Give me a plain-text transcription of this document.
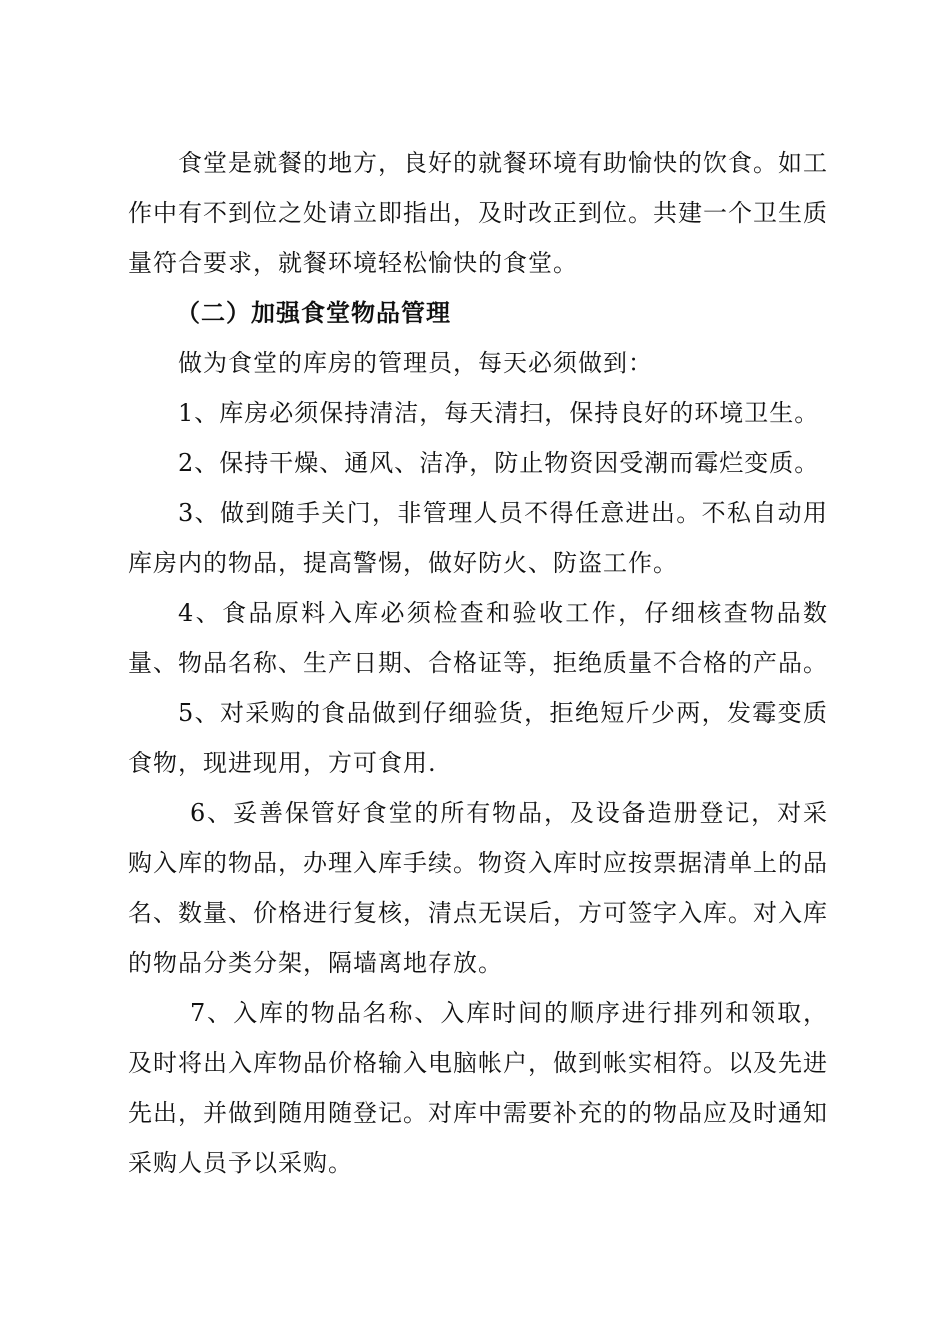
食堂是就餐的地方，良好的就餐环境有助愉快的饮食。如工作中有不到位之处请立即指出，及时改正到位。共建一个卫生质量符合要求，就餐环境轻松愉快的食堂。

（二）加强食堂物品管理

做为食堂的库房的管理员，每天必须做到：

1、库房必须保持清洁，每天清扫，保持良好的环境卫生。

2、保持干燥、通风、洁净，防止物资因受潮而霉烂变质。

3、做到随手关门，非管理人员不得任意进出。不私自动用库房内的物品，提高警惕，做好防火、防盗工作。

4、食品原料入库必须检查和验收工作，仔细核查物品数量、物品名称、生产日期、合格证等，拒绝质量不合格的产品。

5、对采购的食品做到仔细验货，拒绝短斤少两，发霉变质食物，现进现用，方可食用.

6、妥善保管好食堂的所有物品，及设备造册登记，对采购入库的物品，办理入库手续。物资入库时应按票据清单上的品名、数量、价格进行复核，清点无误后，方可签字入库。对入库的物品分类分架，隔墙离地存放。

7、入库的物品名称、入库时间的顺序进行排列和领取，及时将出入库物品价格输入电脑帐户，做到帐实相符。以及先进先出，并做到随用随登记。对库中需要补充的的物品应及时通知采购人员予以采购。
